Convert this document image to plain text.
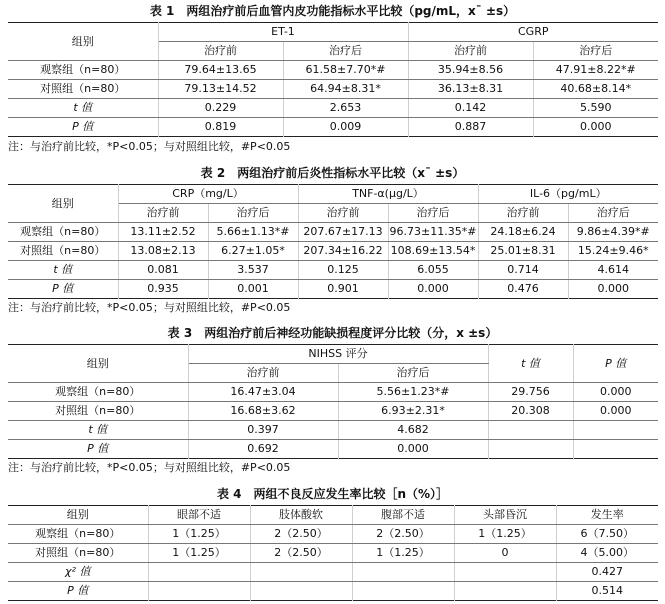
表 1　两组治疗前后血管内皮功能指标水平比较（pg/mL，x¯ ±s）
组别	ET-1		CGRP	
	治疗前	治疗后	治疗前	治疗后
观察组（n=80）	79.64±13.65	61.58±7.70*#	35.94±8.56	47.91±8.22*#
对照组（n=80）	79.13±14.52	64.94±8.31*	36.13±8.31	40.68±8.14*
t 值	0.229	2.653	0.142	5.590
P 值	0.819	0.009	0.887	0.000
注：与治疗前比较，*P<0.05；与对照组比较，#P<0.05
表 2　两组治疗前后炎性指标水平比较（x¯ ±s）
组别	CRP（mg/L）		TNF-α(μg/L）		IL-6（pg/mL）	
	治疗前	治疗后	治疗前	治疗后	治疗前	治疗后
观察组（n=80）	13.11±2.52	5.66±1.13*#	207.67±17.13	96.73±11.35*#	24.18±6.24	9.86±4.39*#
对照组（n=80）	13.08±2.13	6.27±1.05*	207.34±16.22	108.69±13.54*	25.01±8.31	15.24±9.46*
t 值	0.081	3.537	0.125	6.055	0.714	4.614
P 值	0.935	0.001	0.901	0.000	0.476	0.000
注：与治疗前比较，*P<0.05；与对照组比较，#P<0.05
表 3　两组治疗前后神经功能缺损程度评分比较（分，x ±s）
组别	NIHSS 评分		t 值	P 值
	治疗前	治疗后		
观察组（n=80）	16.47±3.04	5.56±1.23*#	29.756	0.000
对照组（n=80）	16.68±3.62	6.93±2.31*	20.308	0.000
t 值	0.397	4.682		
P 值	0.692	0.000		
注：与治疗前比较，*P<0.05；与对照组比较，#P<0.05
表 4　两组不良反应发生率比较［n（%）］
组别	眼部不适	肢体酸软	腹部不适	头部昏沉	发生率
观察组（n=80）	1（1.25）	2（2.50）	2（2.50）	1（1.25）	6（7.50）
对照组（n=80）	1（1.25）	2（2.50）	1（1.25）	0	4（5.00）
χ² 值					0.427
P 值					0.514
